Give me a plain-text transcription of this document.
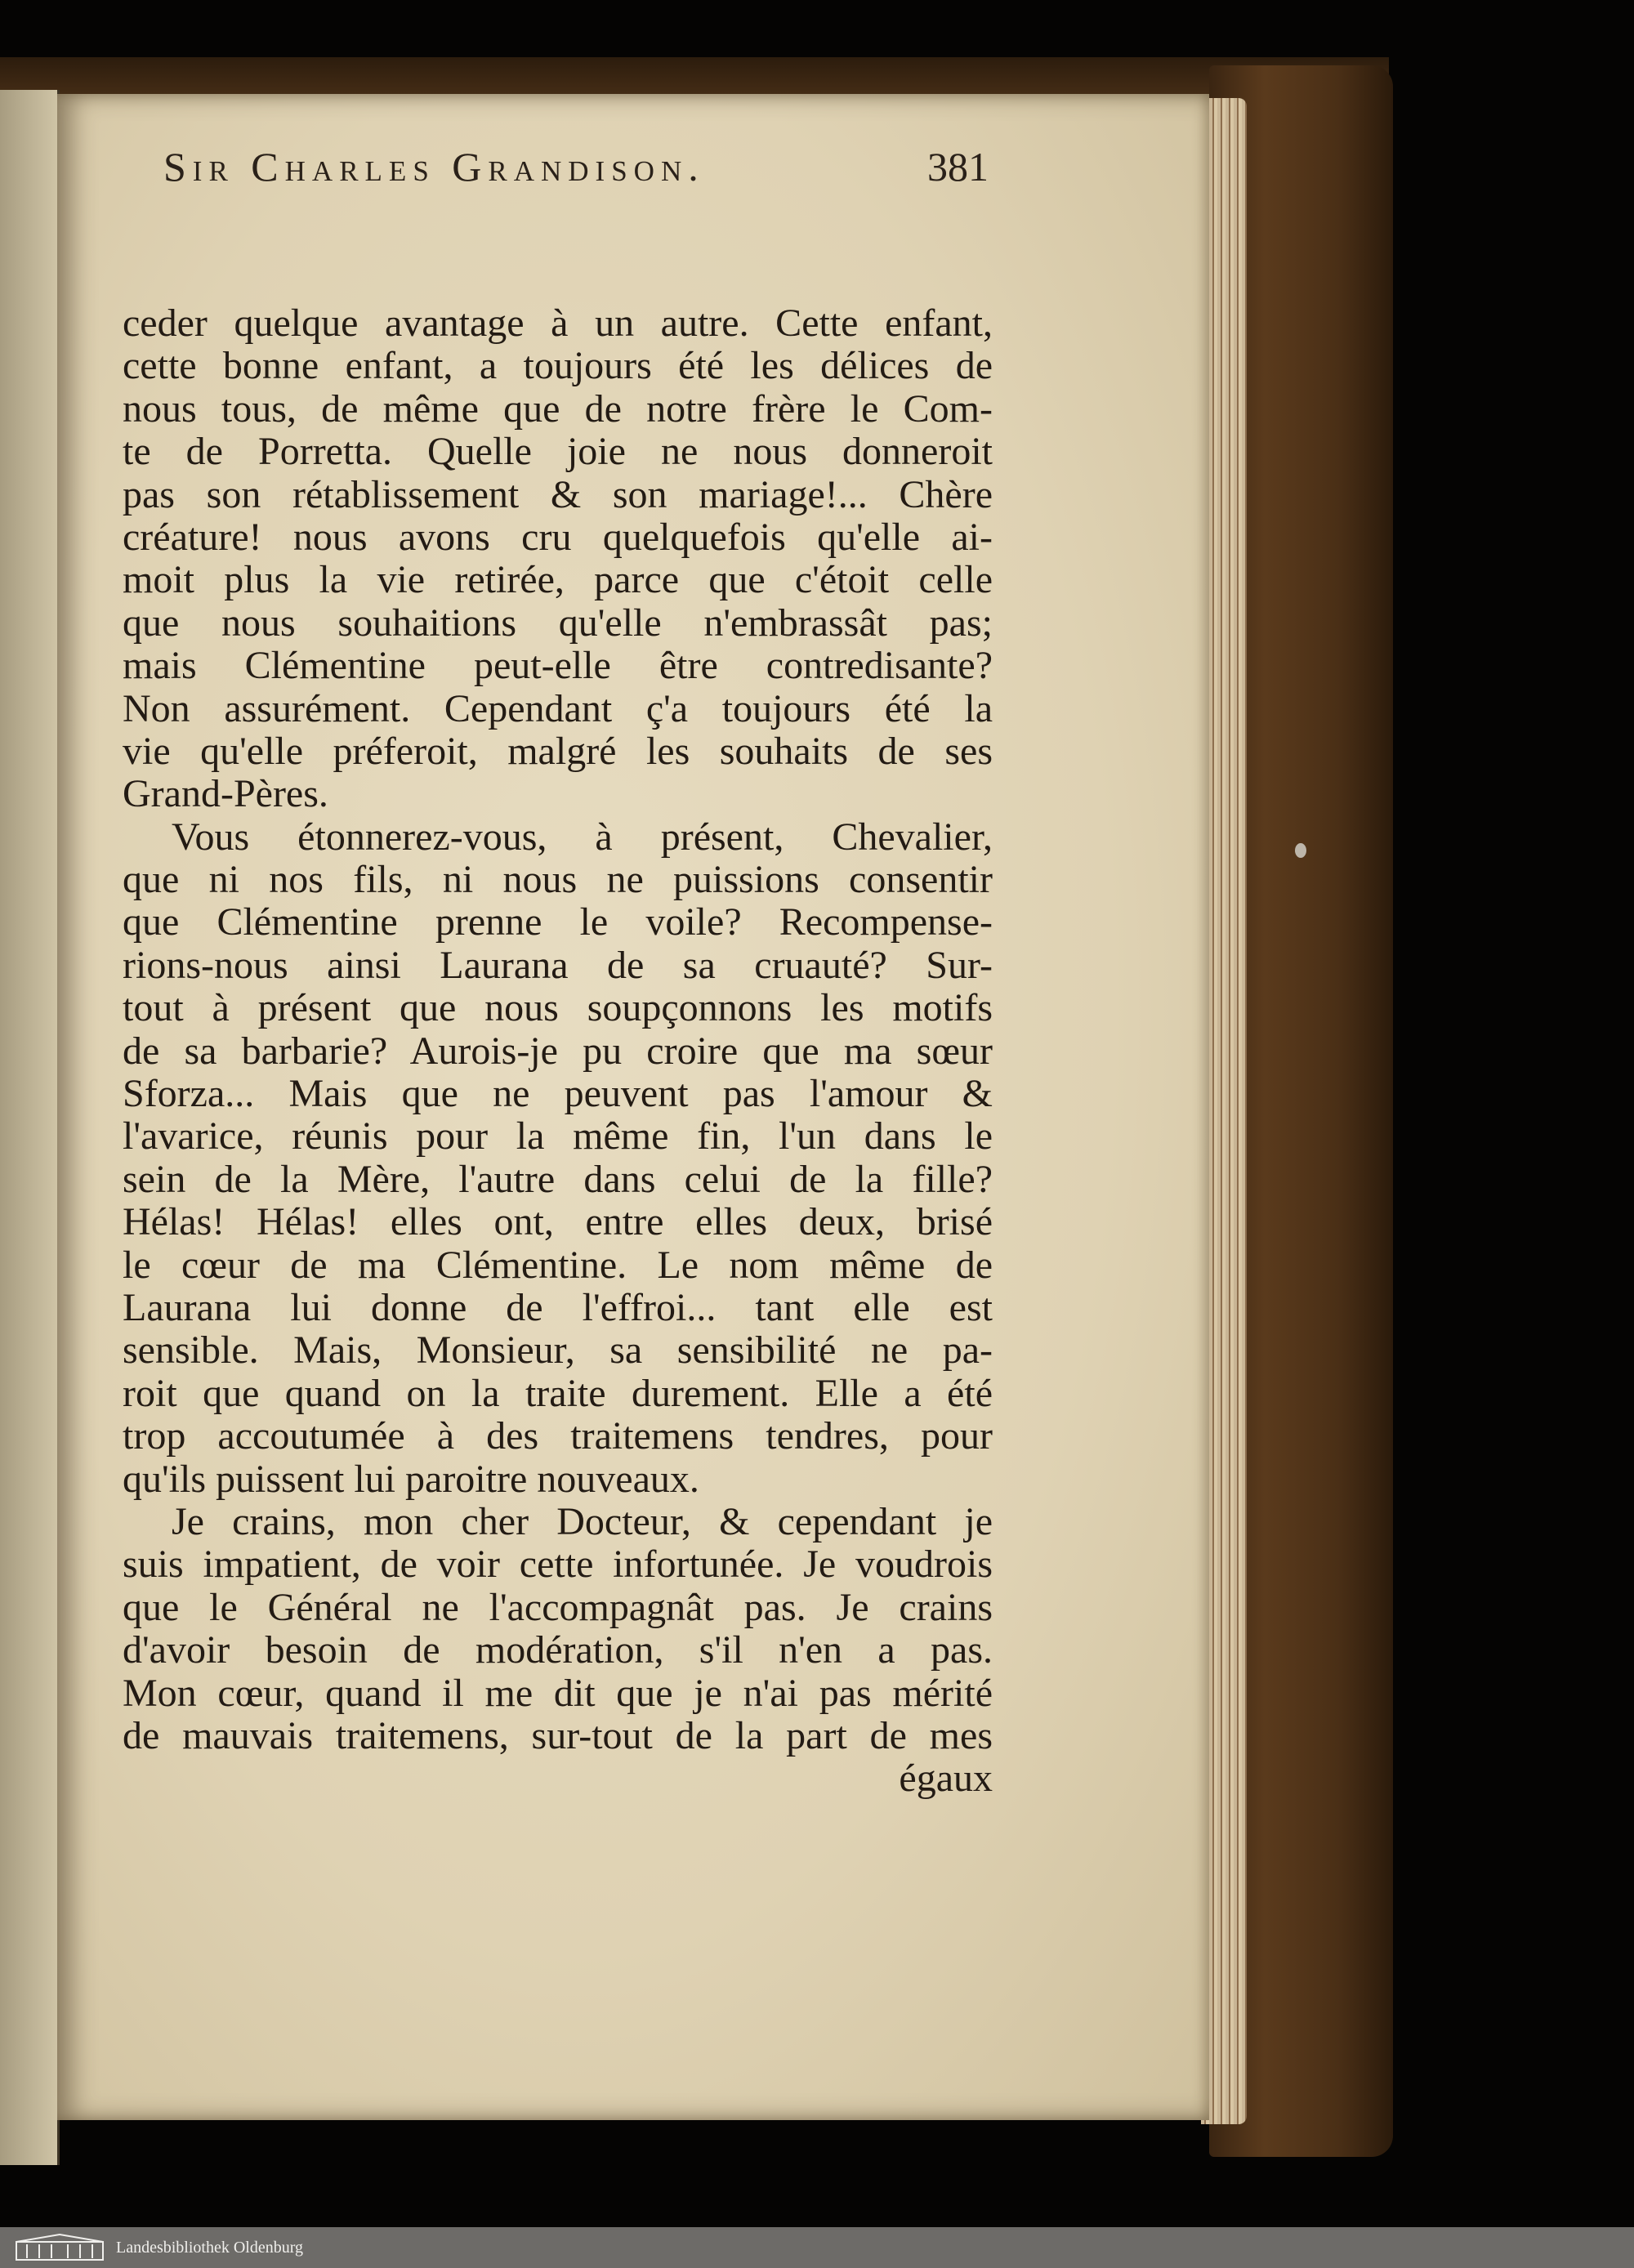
Sir Charles Grandison.	381
ceder quelque avantage à un autre. Cette enfant,
cette bonne enfant, a toujours été les délices de
nous tous, de même que de notre frère le Com-
te de Porretta. Quelle joie ne nous donneroit
pas son rétablissement & son mariage!... Chère
créature! nous avons cru quelquefois qu'elle ai-
moit plus la vie retirée, parce que c'étoit celle
que nous souhaitions qu'elle n'embrassât pas;
mais Clémentine peut-elle être contredisante?
Non assurément. Cependant ç'a toujours été la
vie qu'elle préferoit, malgré les souhaits de ses
Grand-Pères.
Vous étonnerez-vous, à présent, Chevalier,
que ni nos fils, ni nous ne puissions consentir
que Clémentine prenne le voile? Recompense-
rions-nous ainsi Laurana de sa cruauté? Sur-
tout à présent que nous soupçonnons les motifs
de sa barbarie? Aurois-je pu croire que ma sœur
Sforza... Mais que ne peuvent pas l'amour &
l'avarice, réunis pour la même fin, l'un dans le
sein de la Mère, l'autre dans celui de la fille?
Hélas! Hélas! elles ont, entre elles deux, brisé
le cœur de ma Clémentine. Le nom même de
Laurana lui donne de l'effroi... tant elle est
sensible. Mais, Monsieur, sa sensibilité ne pa-
roit que quand on la traite durement. Elle a été
trop accoutumée à des traitemens tendres, pour
qu'ils puissent lui paroitre nouveaux.
Je crains, mon cher Docteur, & cependant je
suis impatient, de voir cette infortunée. Je voudrois
que le Général ne l'accompagnât pas. Je crains
d'avoir besoin de modération, s'il n'en a pas.
Mon cœur, quand il me dit que je n'ai pas mérité
de mauvais traitemens, sur-tout de la part de mes
égaux
Landesbibliothek Oldenburg
